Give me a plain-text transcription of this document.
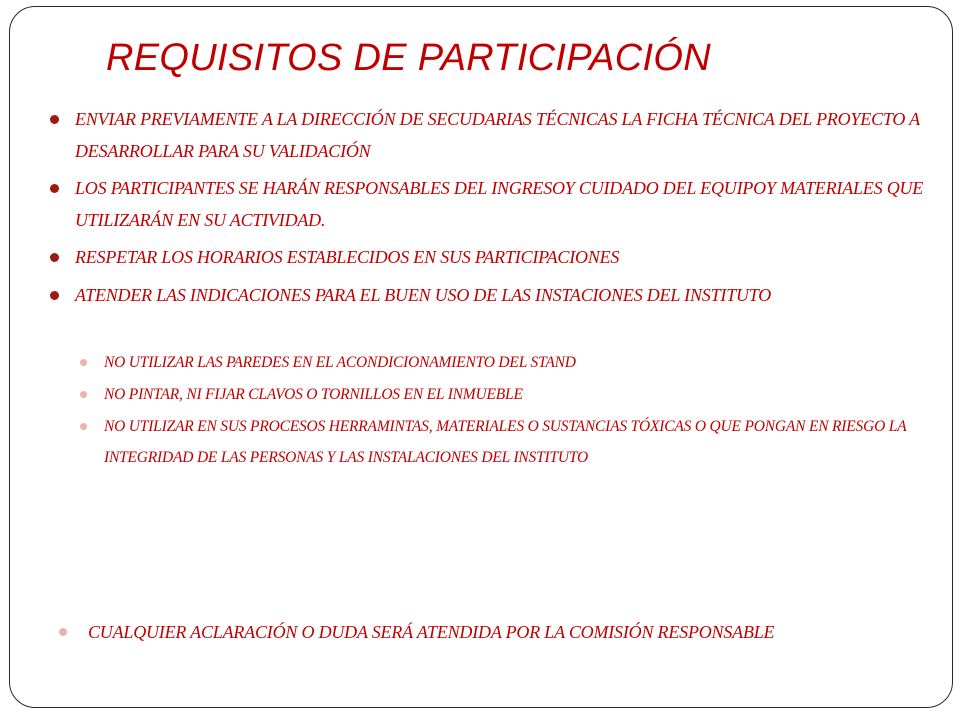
REQUISITOS DE PARTICIPACIÓN
ENVIAR PREVIAMENTE A LA DIRECCIÓN DE SECUDARIAS TÉCNICAS LA FICHA TÉCNICA DEL PROYECTO A DESARROLLAR PARA SU VALIDACIÓN
LOS PARTICIPANTES SE HARÁN RESPONSABLES DEL INGRESOY CUIDADO DEL EQUIPOY MATERIALES QUE UTILIZARÁN EN SU ACTIVIDAD.
RESPETAR LOS HORARIOS ESTABLECIDOS EN SUS PARTICIPACIONES
ATENDER LAS INDICACIONES PARA EL BUEN USO DE LAS INSTACIONES DEL INSTITUTO
NO UTILIZAR LAS PAREDES EN EL ACONDICIONAMIENTO DEL STAND
NO PINTAR, NI FIJAR CLAVOS O TORNILLOS EN EL INMUEBLE
NO UTILIZAR EN SUS PROCESOS HERRAMINTAS, MATERIALES O SUSTANCIAS TÓXICAS O QUE PONGAN EN RIESGO LA INTEGRIDAD DE LAS PERSONAS Y LAS INSTALACIONES DEL INSTITUTO
CUALQUIER ACLARACIÓN O DUDA SERÁ ATENDIDA POR LA COMISIÓN RESPONSABLE
